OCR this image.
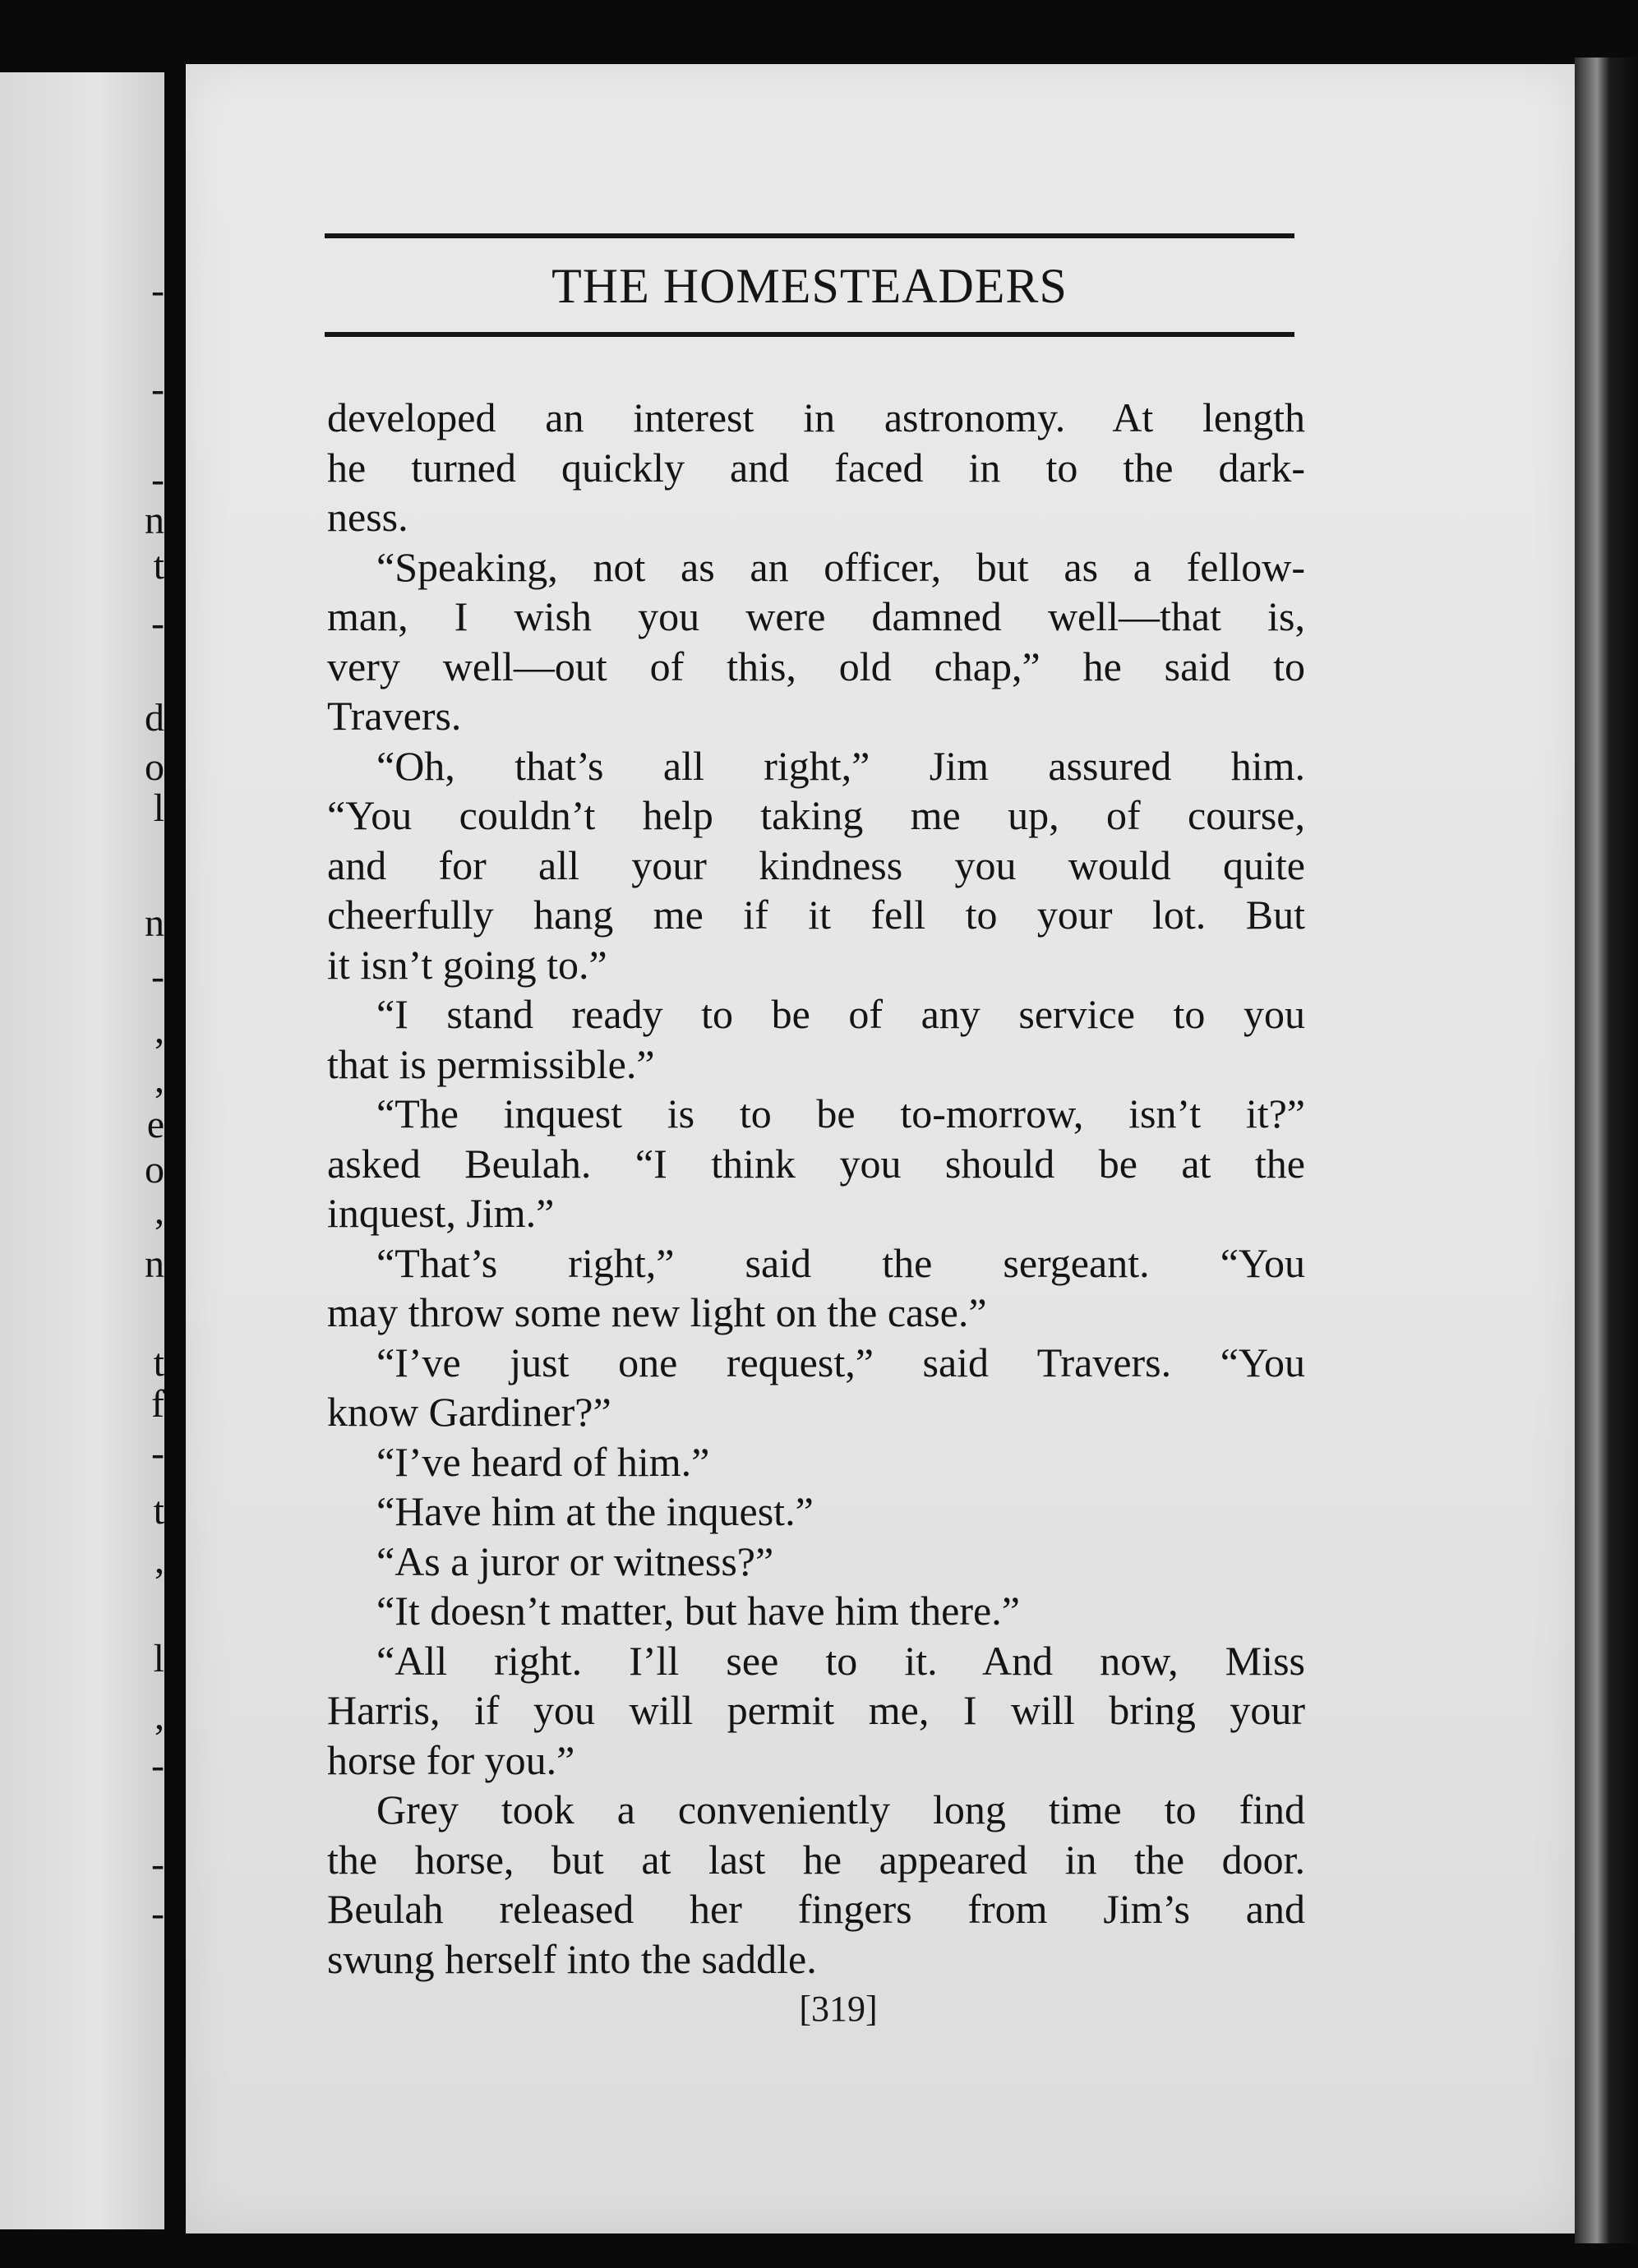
-
-
-
n
t
-
d
o
l
n
-
,
,
e
o
,
n
t
f
-
t
,
l
,
-
-
-
THE HOMESTEADERS
developed an interest in astronomy. At length
he turned quickly and faced in to the dark-
ness.
“Speaking, not as an officer, but as a fellow-
man, I wish you were damned well—that is,
very well—out of this, old chap,” he said to
Travers.
“Oh, that’s all right,” Jim assured him.
“You couldn’t help taking me up, of course,
and for all your kindness you would quite
cheerfully hang me if it fell to your lot. But
it isn’t going to.”
“I stand ready to be of any service to you
that is permissible.”
“The inquest is to be to-morrow, isn’t it?”
asked Beulah. “I think you should be at the
inquest, Jim.”
“That’s right,” said the sergeant. “You
may throw some new light on the case.”
“I’ve just one request,” said Travers. “You
know Gardiner?”
“I’ve heard of him.”
“Have him at the inquest.”
“As a juror or witness?”
“It doesn’t matter, but have him there.”
“All right. I’ll see to it. And now, Miss
Harris, if you will permit me, I will bring your
horse for you.”
Grey took a conveniently long time to find
the horse, but at last he appeared in the door.
Beulah released her fingers from Jim’s and
swung herself into the saddle.
[319]
